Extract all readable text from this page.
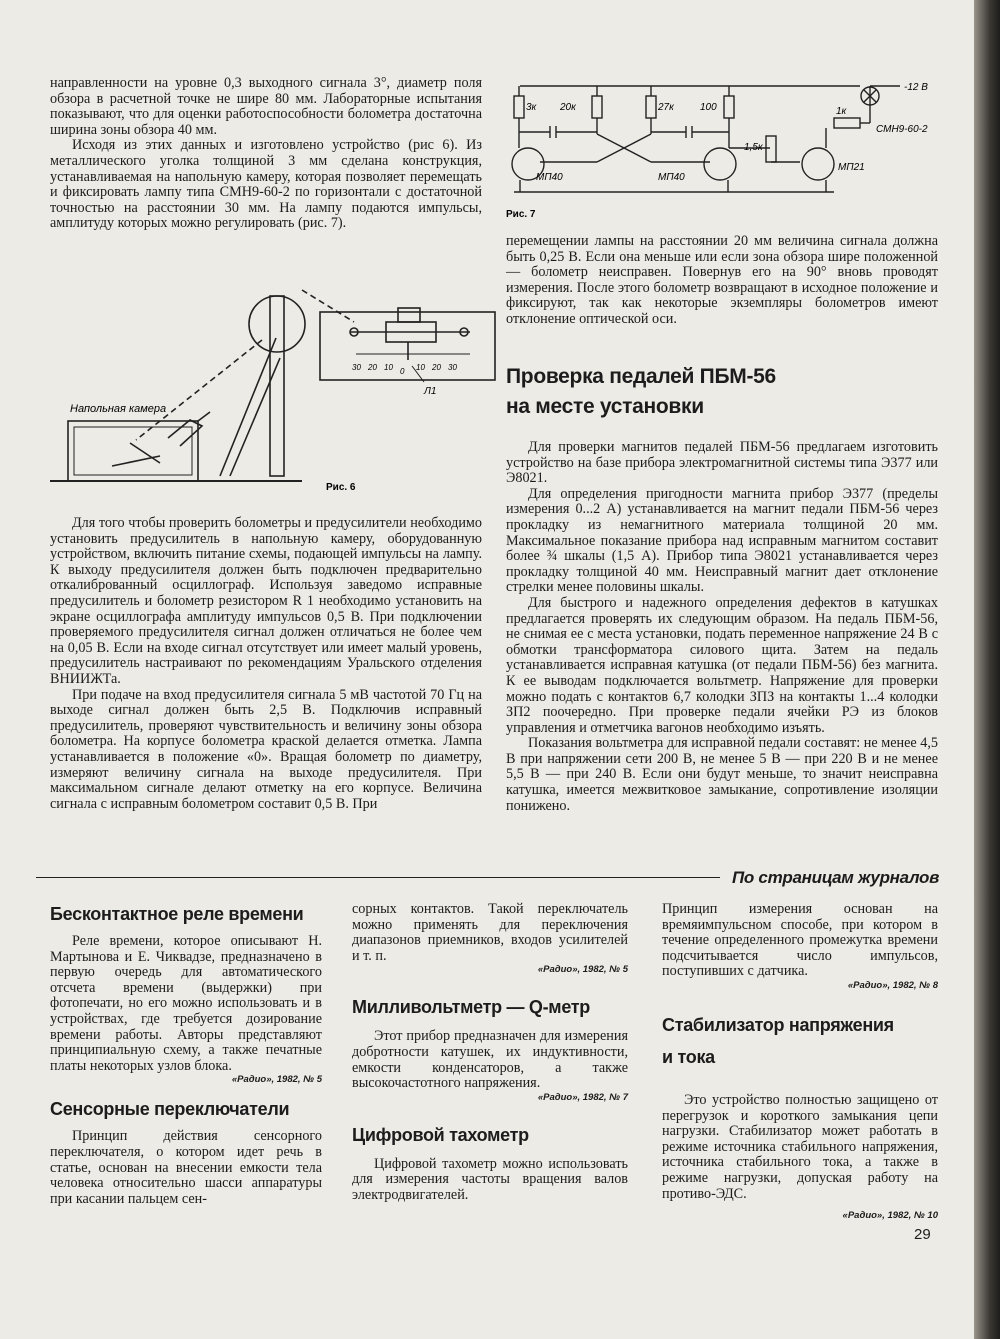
направленности на уровне 0,3 выходного сигнала 3°, диаметр поля обзора в расчетной точке не шире 80 мм. Лабораторные испытания показывают, что для оценки работоспособности болометра достаточна ширина зоны обзора 40 мм.

Исходя из этих данных и изготовлено устройство (рис 6). Из металлического уголка толщиной 3 мм сделана конструкция, устанавливаемая на напольную камеру, которая позволяет перемещать и фиксировать лампу типа СМН9-60-2 по горизонтали с достаточной точностью на расстоянии 30 мм. На лампу подаются импульсы, амплитуду которых можно регулировать (рис. 7).

Напольная камера
30 20 10 0 10 20 30
Л1
Рис. 6
-12 В
3к 20к	27к	100
1,5к
1к
МП40	МП40
МП21
СМН9-60-2
Рис. 7

перемещении лампы на расстоянии 20 мм величина сигнала должна быть 0,25 В. Если она меньше или если зона обзора шире положенной — болометр неисправен. Повернув его на 90° вновь проводят измерения. После этого болометр возвращают в исходное положение и фиксируют, так как некоторые экземпляры болометров имеют отклонение оптической оси.

Проверка педалей ПБМ-56

на месте установки

Для проверки магнитов педалей ПБМ-56 предлагаем изготовить устройство на базе прибора электромагнитной системы типа Э377 или Э8021.

Для определения пригодности магнита прибор Э377 (пределы измерения 0...2 А) устанавливается на магнит педали ПБМ-56 через прокладку из немагнитного материала толщиной 20 мм. Максимальное показание прибора над исправным магнитом составит более ¾ шкалы (1,5 А). Прибор типа Э8021 устанавливается через прокладку толщиной 40 мм. Неисправный магнит дает отклонение стрелки менее половины шкалы.

Для быстрого и надежного определения дефектов в катушках предлагается проверять их следующим образом. На педаль ПБМ-56, не снимая ее с места установки, подать переменное напряжение 24 В с обмотки трансформатора силового щита. Затем на педаль устанавливается исправная катушка (от педали ПБМ-56) без магнита. К ее выводам подключается вольтметр. Напряжение для проверки можно подать с контактов 6,7 колодки ЗПЗ на контакты 1...4 колодки ЗП2 поочередно. При проверке педали ячейки РЭ из блоков управления и отметчика вагонов необходимо изъять.

Показания вольтметра для исправной педали составят: не менее 4,5 В при напряжении сети 200 В, не менее 5 В — при 220 В и не менее 5,5 В — при 240 В. Если они будут меньше, то значит неисправна катушка, имеется межвитковое замыкание, сопротивление изоляции понижено.

Для того чтобы проверить болометры и предусилители необходимо установить предусилитель в напольную камеру, оборудованную устройством, включить питание схемы, подающей импульсы на лампу. К выходу предусилителя должен быть подключен предварительно откалиброванный осциллограф. Используя заведомо исправные предусилитель и болометр резистором R 1 необходимо установить на экране осциллографа амплитуду импульсов 0,5 В. При подключении проверяемого предусилителя сигнал должен отличаться не более чем на 0,05 В. Если на входе сигнал отсутствует или имеет малый уровень, предусилитель настраивают по рекомендациям Уральского отделения ВНИИЖТа.

При подаче на вход предусилителя сигнала 5 мВ частотой 70 Гц на выходе сигнал должен быть 2,5 В. Подключив исправный предусилитель, проверяют чувствительность и величину зоны обзора болометра. На корпусе болометра краской делается отметка. Лампа устанавливается в положение «0». Вращая болометр по диаметру, измеряют величину сигнала на выходе предусилителя. При максимальном сигнале делают отметку на его корпусе. Величина сигнала с исправным болометром составит 0,5 В. При

По страницам журналов

Бесконтактное реле времени

Реле времени, которое описывают Н. Мартынова и Е. Чиквадзе, предназначено в первую очередь для автоматического отсчета времени (выдержки) при фотопечати, но его можно использовать и в устройствах, где требуется дозирование времени работы. Авторы представляют принципиальную схему, а также печатные платы некоторых узлов блока.

«Радио», 1982, № 5

Сенсорные переключатели

Принцип действия сенсорного переключателя, о котором идет речь в статье, основан на внесении емкости тела человека относительно шасси аппаратуры при касании пальцем сен-

сорных контактов. Такой переключатель можно применять для переключения диапазонов приемников, входов усилителей и т. п.

«Радио», 1982, № 5

Милливольтметр — Q-метр

Этот прибор предназначен для измерения добротности катушек, их индуктивности, емкости конденсаторов, а также высокочастотного напряжения.

«Радио», 1982, № 7

Цифровой тахометр

Цифровой тахометр можно использовать для измерения частоты вращения валов электродвигателей.

Принцип измерения основан на времяимпульсном способе, при котором в течение определенного промежутка времени подсчитывается число импульсов, поступивших с датчика.

«Радио», 1982, № 8

Стабилизатор напряжения

и тока

Это устройство полностью защищено от перегрузок и короткого замыкания цепи нагрузки. Стабилизатор может работать в режиме источника стабильного напряжения, источника стабильного тока, а также в режиме нагрузки, допуская работу на противо-ЭДС.

«Радио», 1982, № 10

29
